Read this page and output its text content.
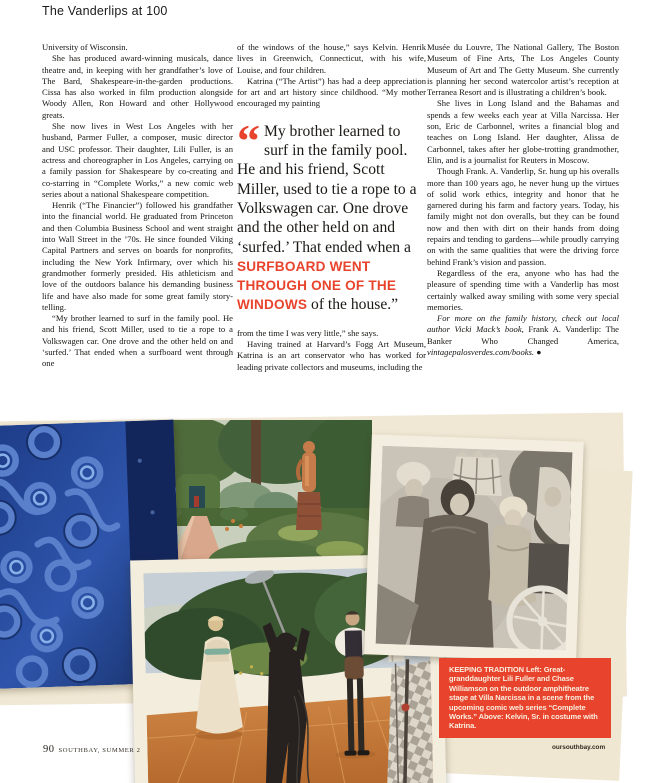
The Vanderlips at 100

University of Wisconsin.

She has produced award-winning musicals, dance theatre and, in keeping with her grandfather’s love of The Bard, Shakespeare-in-the-garden productions. Cissa has also worked in film production alongside Woody Allen, Ron Howard and other Hollywood greats.

She now lives in West Los Angeles with her husband, Parmer Fuller, a composer, music director and USC professor. Their daughter, Lili Fuller, is an actress and choreographer in Los Angeles, carrying on a family passion for Shakespeare by co-creating and co-starring in “Complete Works,” a new comic web series about a national Shakespeare competition.

Henrik (“The Financier”) followed his grandfather into the financial world. He graduated from Princeton and then Columbia Business School and went straight into Wall Street in the ’70s. He since founded Viking Capital Partners and serves on boards for nonprofits, including the New York Infirmary, over which his grandmother formerly presided. His athleticism and love of the outdoors balance his demanding business life and have also made for some great family story-telling.

“My brother learned to surf in the family pool. He and his friend, Scott Miller, used to tie a rope to a Volkswagen car. One drove and the other held on and ‘surfed.’ That ended when a surfboard went through one

of the windows of the house,” says Kelvin. Henrik lives in Greenwich, Connecticut, with his wife, Louise, and four children.

Katrina (“The Artist”) has had a deep appreciation for art and art history since childhood. “My mother encouraged my painting

“ My brother learned to surf in the family pool. He and his friend, Scott Miller, used to tie a rope to a Volkswagen car. One drove and the other held on and ‘surfed.’ That ended when a SURFBOARD WENT THROUGH ONE OF THE WINDOWS of the house.”

from the time I was very little,” she says.

Having trained at Harvard’s Fogg Art Museum, Katrina is an art conservator who has worked for leading private collectors and museums, including the

Musée du Louvre, The National Gallery, The Boston Museum of Fine Arts, The Los Angeles County Museum of Art and The Getty Museum. She currently is planning her second watercolor artist’s reception at Terranea Resort and is illustrating a children’s book.

She lives in Long Island and the Bahamas and spends a few weeks each year at Villa Narcissa. Her son, Eric de Carbonnel, writes a financial blog and teaches on Long Island. Her daughter, Alissa de Carbonnel, takes after her globe-trotting grandmother, Elin, and is a journalist for Reuters in Moscow.

Though Frank. A. Vanderlip, Sr. hung up his overalls more than 100 years ago, he never hung up the virtues of solid work ethics, integrity and honor that he garnered during his farm and factory years. Today, his family might not don overalls, but they can be found now and then with dirt on their hands from doing repairs and tending to gardens—while proudly carrying on with the same qualities that were the driving force behind Frank’s vision and passion.

Regardless of the era, anyone who has had the pleasure of spending time with a Vanderlip has most certainly walked away smiling with some very special memories.

For more on the family history, check out local author Vicki Mack’s book, Frank A. Vanderlip: The Banker Who Changed America, vintagepalosverdes.com/books. ●

KEEPING TRADITION Left: Great-granddaughter Lili Fuller and Chase Williamson on the outdoor amphitheatre stage at Villa Narcissa in a scene from the upcoming comic web series “Complete Works.” Above: Kelvin, Sr. in costume with Katrina.
90 SOUTHBAY, SUMMER 2	oursouthbay.com
